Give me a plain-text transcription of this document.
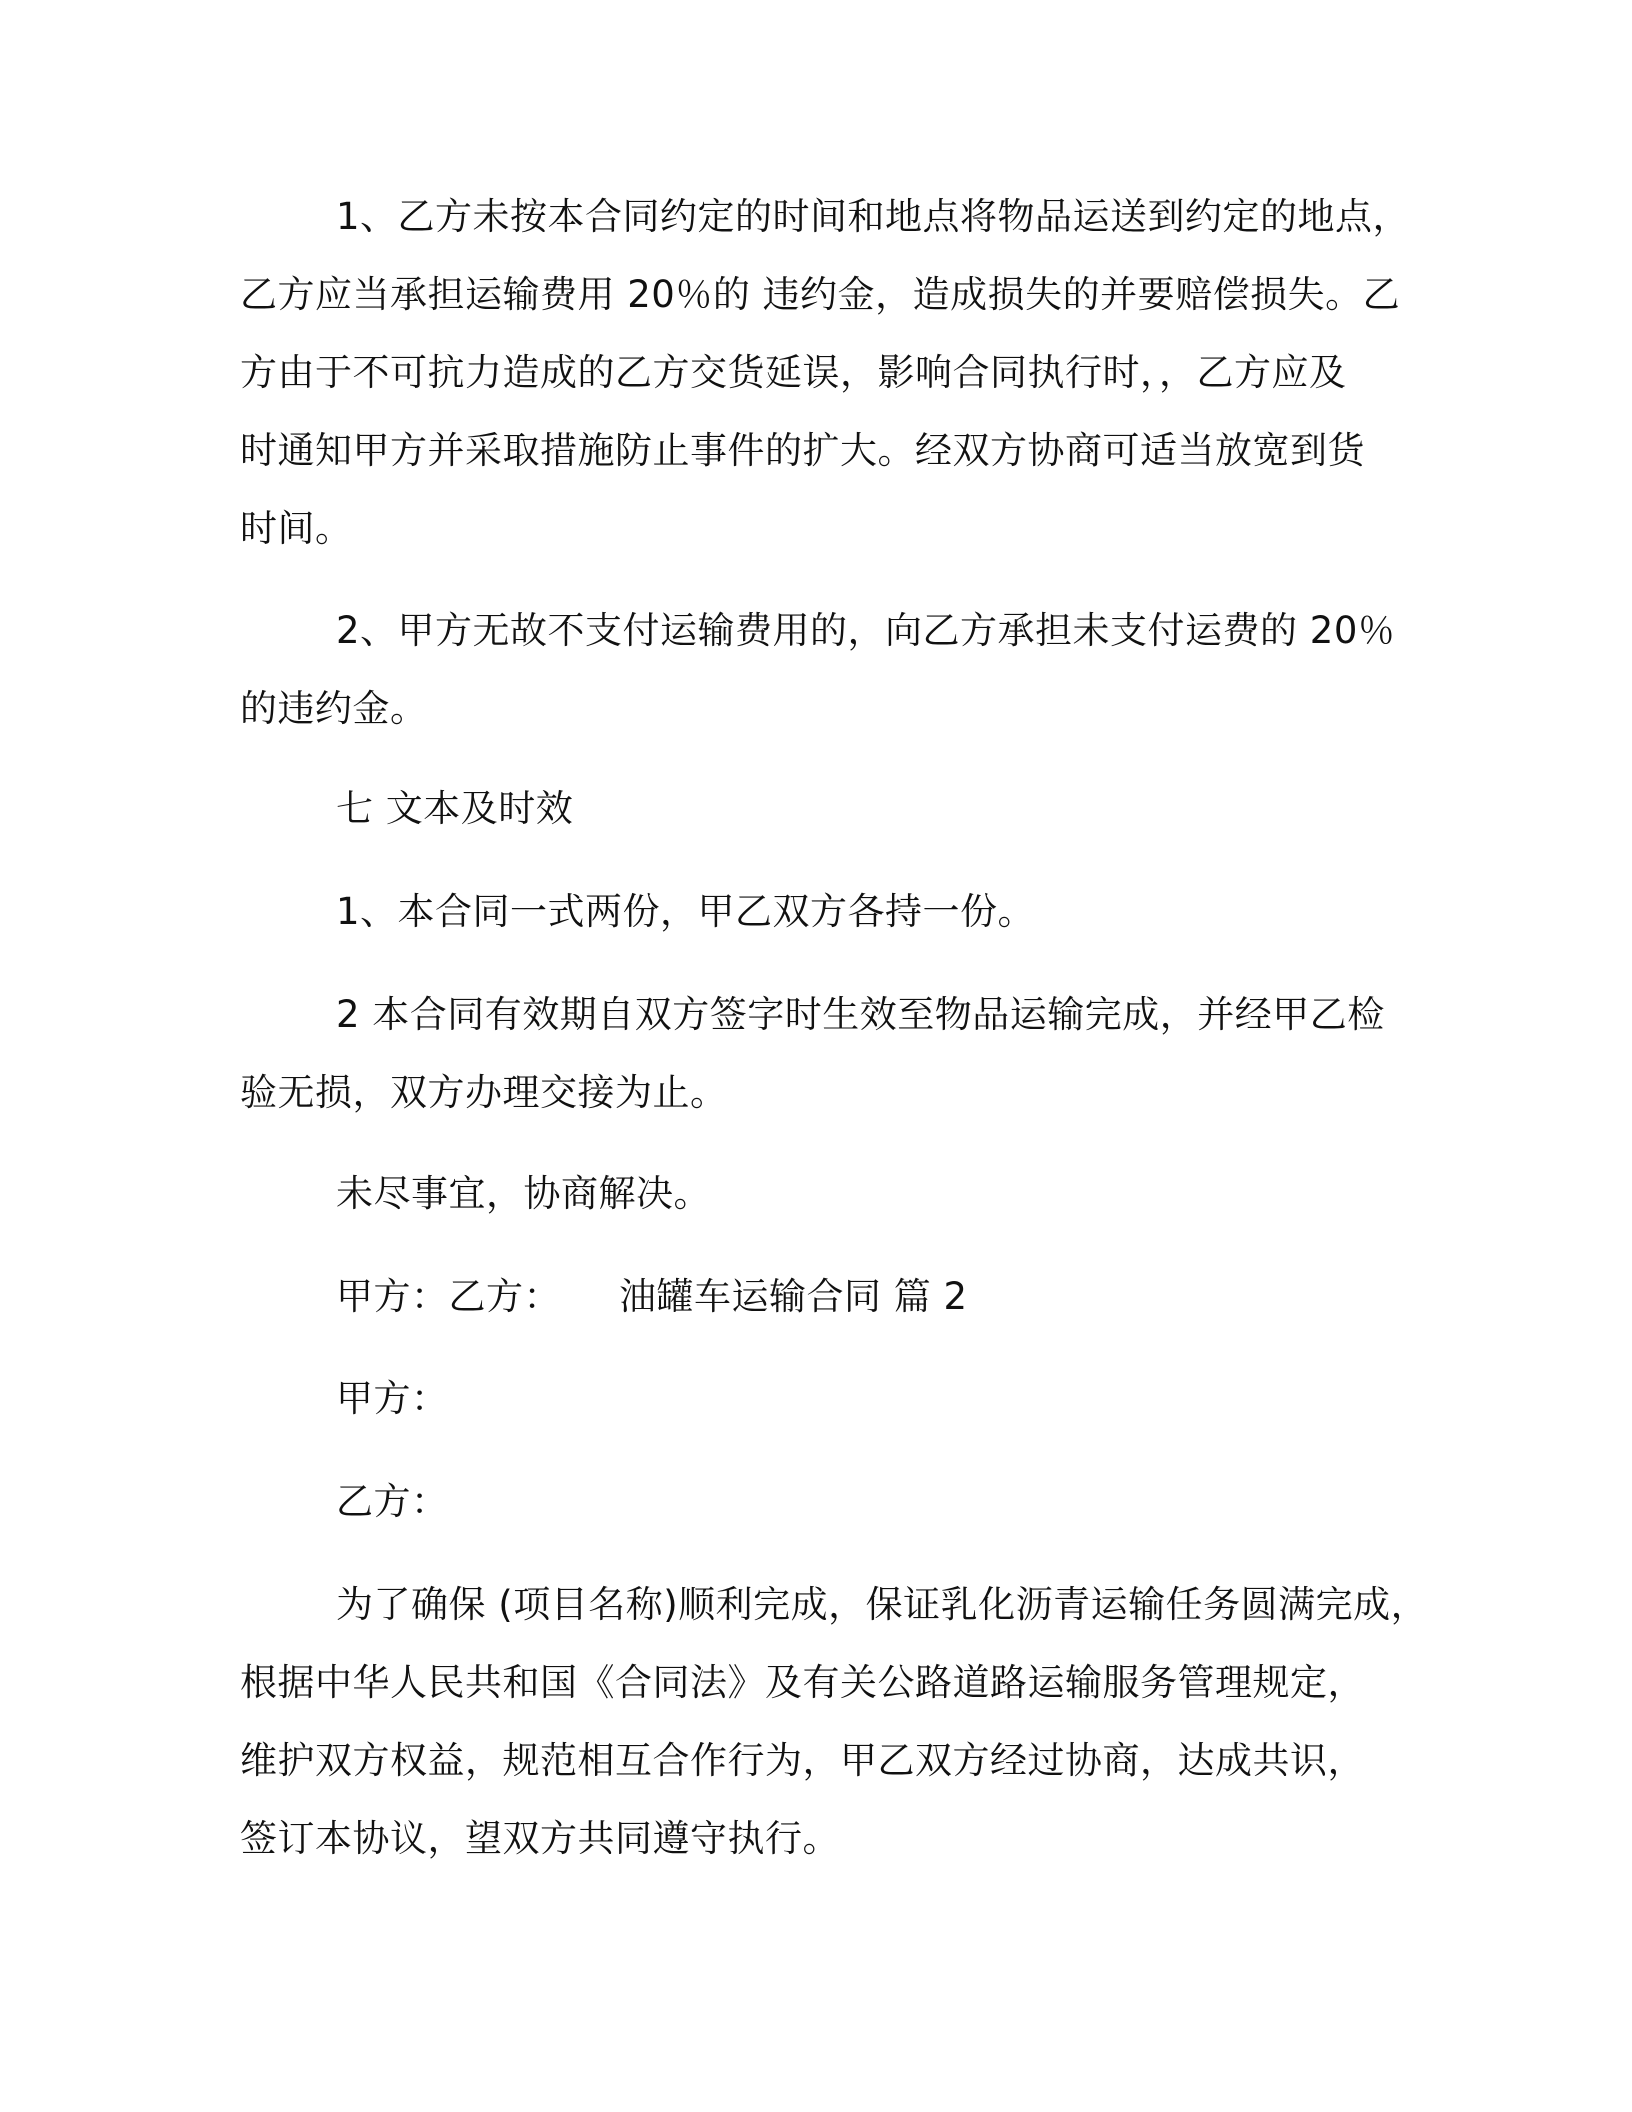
1、乙方未按本合同约定的时间和地点将物品运送到约定的地点，
乙方应当承担运输费用 20％的 违约金，造成损失的并要赔偿损失。乙
方由于不可抗力造成的乙方交货延误，影响合同执行时，，乙方应及
时通知甲方并采取措施防止事件的扩大。经双方协商可适当放宽到货
时间。

2、甲方无故不支付运输费用的，向乙方承担未支付运费的 20％
的违约金。

七 文本及时效

1、本合同一式两份，甲乙双方各持一份。

2 本合同有效期自双方签字时生效至物品运输完成，并经甲乙检
验无损，双方办理交接为止。

未尽事宜，协商解决。

甲方：乙方： 油罐车运输合同 篇 2

甲方：

乙方：

为了确保 (项目名称)顺利完成，保证乳化沥青运输任务圆满完成，
根据中华人民共和国《合同法》及有关公路道路运输服务管理规定，
维护双方权益，规范相互合作行为，甲乙双方经过协商，达成共识，
签订本协议，望双方共同遵守执行。
